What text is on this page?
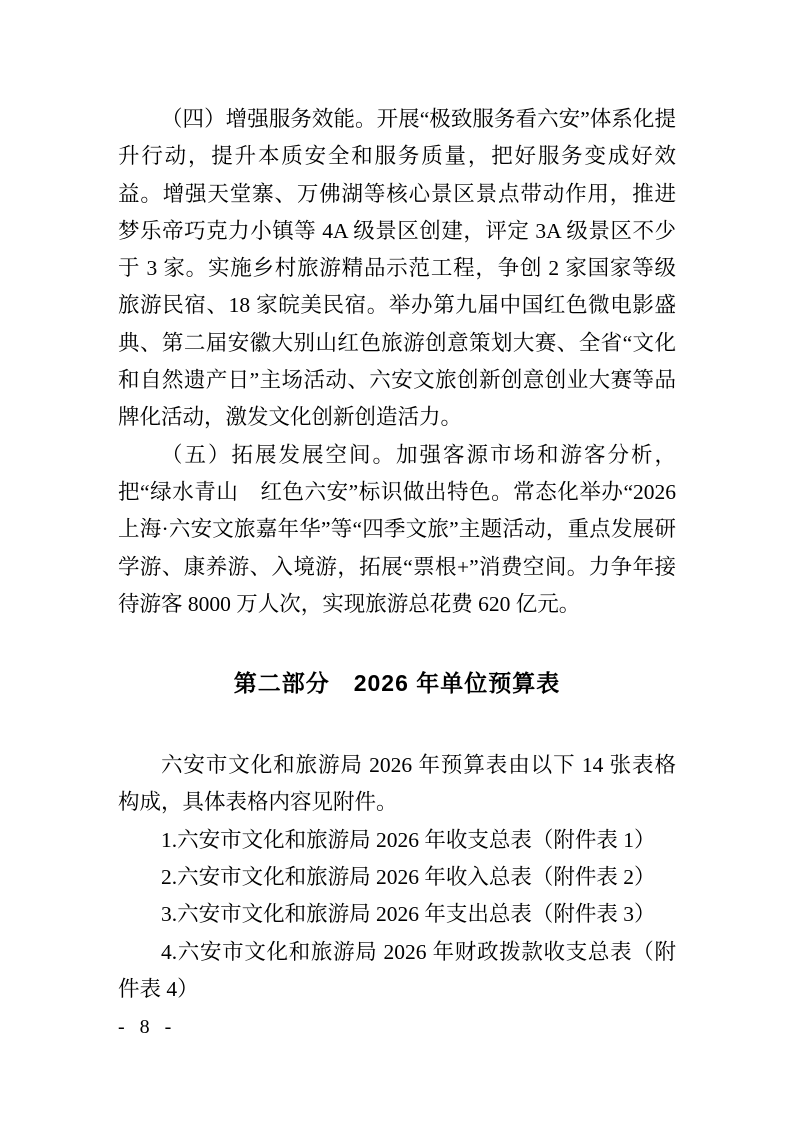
（四）增强服务效能。开展“极致服务看六安”体系化提升行动，提升本质安全和服务质量，把好服务变成好效益。增强天堂寨、万佛湖等核心景区景点带动作用，推进梦乐帝巧克力小镇等 4A 级景区创建，评定 3A 级景区不少于 3 家。实施乡村旅游精品示范工程，争创 2 家国家等级旅游民宿、18 家皖美民宿。举办第九届中国红色微电影盛典、第二届安徽大别山红色旅游创意策划大赛、全省“文化和自然遗产日”主场活动、六安文旅创新创意创业大赛等品牌化活动，激发文化创新创造活力。

（五）拓展发展空间。加强客源市场和游客分析，把“绿水青山　红色六安”标识做出特色。常态化举办“2026 上海·六安文旅嘉年华”等“四季文旅”主题活动，重点发展研学游、康养游、入境游，拓展“票根+”消费空间。力争年接待游客 8000 万人次，实现旅游总花费 620 亿元。

第二部分　2026 年单位预算表

六安市文化和旅游局 2026 年预算表由以下 14 张表格构成，具体表格内容见附件。

1.六安市文化和旅游局 2026 年收支总表（附件表 1）
2.六安市文化和旅游局 2026 年收入总表（附件表 2）
3.六安市文化和旅游局 2026 年支出总表（附件表 3）
4.六安市文化和旅游局 2026 年财政拨款收支总表（附件表 4）
- 8 -
